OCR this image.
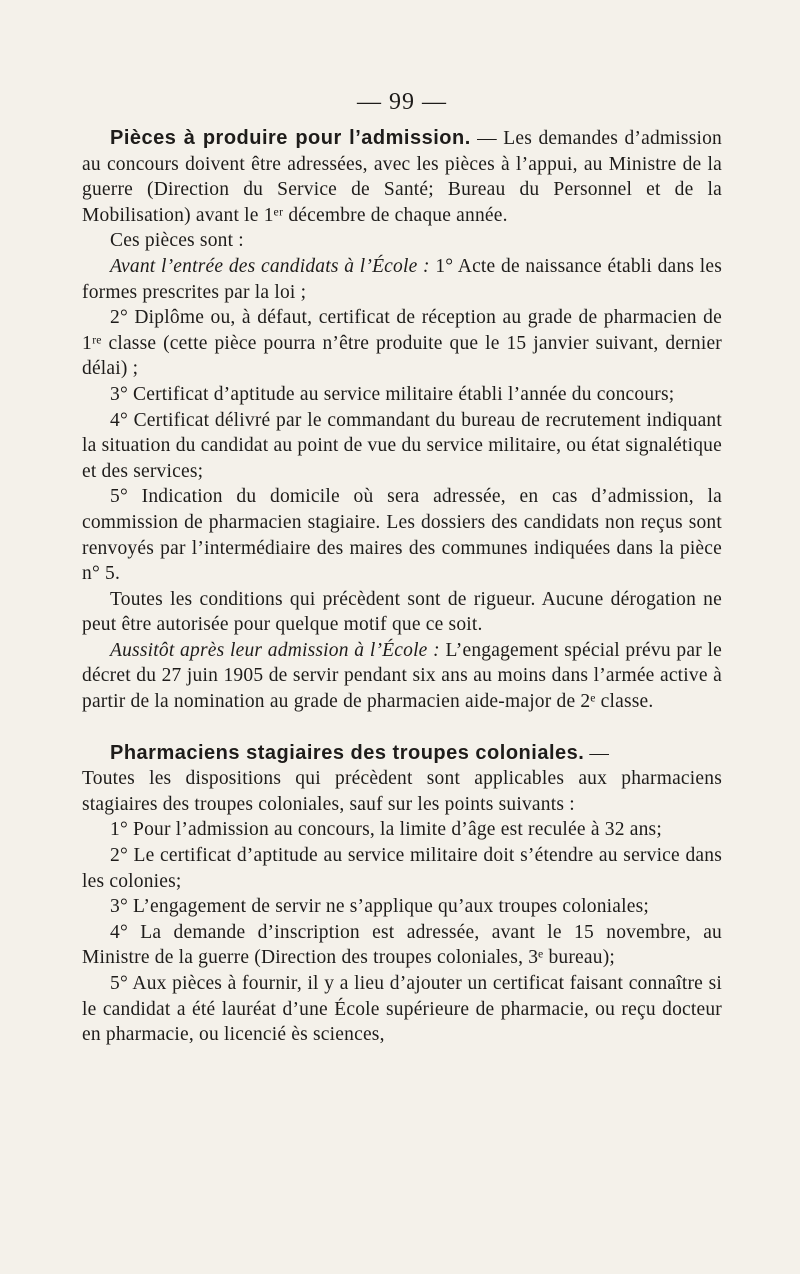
— 99 —

Pièces à produire pour l’admission. — Les demandes d’admission au concours doivent être adressées, avec les pièces à l’appui, au Ministre de la guerre (Direction du Service de Santé; Bureau du Personnel et de la Mobilisation) avant le 1ᵉʳ décembre de chaque année.

Ces pièces sont :

Avant l’entrée des candidats à l’École : 1° Acte de naissance établi dans les formes prescrites par la loi ;

2° Diplôme ou, à défaut, certificat de réception au grade de pharmacien de 1ʳᵉ classe (cette pièce pourra n’être produite que le 15 janvier suivant, dernier délai) ;

3° Certificat d’aptitude au service militaire établi l’année du concours;

4° Certificat délivré par le commandant du bureau de recrutement indiquant la situation du candidat au point de vue du service militaire, ou état signalétique et des services;

5° Indication du domicile où sera adressée, en cas d’admission, la commission de pharmacien stagiaire. Les dossiers des candidats non reçus sont renvoyés par l’intermédiaire des maires des communes indiquées dans la pièce n° 5.

Toutes les conditions qui précèdent sont de rigueur. Aucune dérogation ne peut être autorisée pour quelque motif que ce soit.

Aussitôt après leur admission à l’École : L’engagement spécial prévu par le décret du 27 juin 1905 de servir pendant six ans au moins dans l’armée active à partir de la nomination au grade de pharmacien aide-major de 2ᵉ classe.

Pharmaciens stagiaires des troupes coloniales. —

Toutes les dispositions qui précèdent sont applicables aux pharmaciens stagiaires des troupes coloniales, sauf sur les points suivants :

1° Pour l’admission au concours, la limite d’âge est reculée à 32 ans;

2° Le certificat d’aptitude au service militaire doit s’étendre au service dans les colonies;

3° L’engagement de servir ne s’applique qu’aux troupes coloniales;

4° La demande d’inscription est adressée, avant le 15 novembre, au Ministre de la guerre (Direction des troupes coloniales, 3ᵉ bureau);

5° Aux pièces à fournir, il y a lieu d’ajouter un certificat faisant connaître si le candidat a été lauréat d’une École supérieure de pharmacie, ou reçu docteur en pharmacie, ou licencié ès sciences,
